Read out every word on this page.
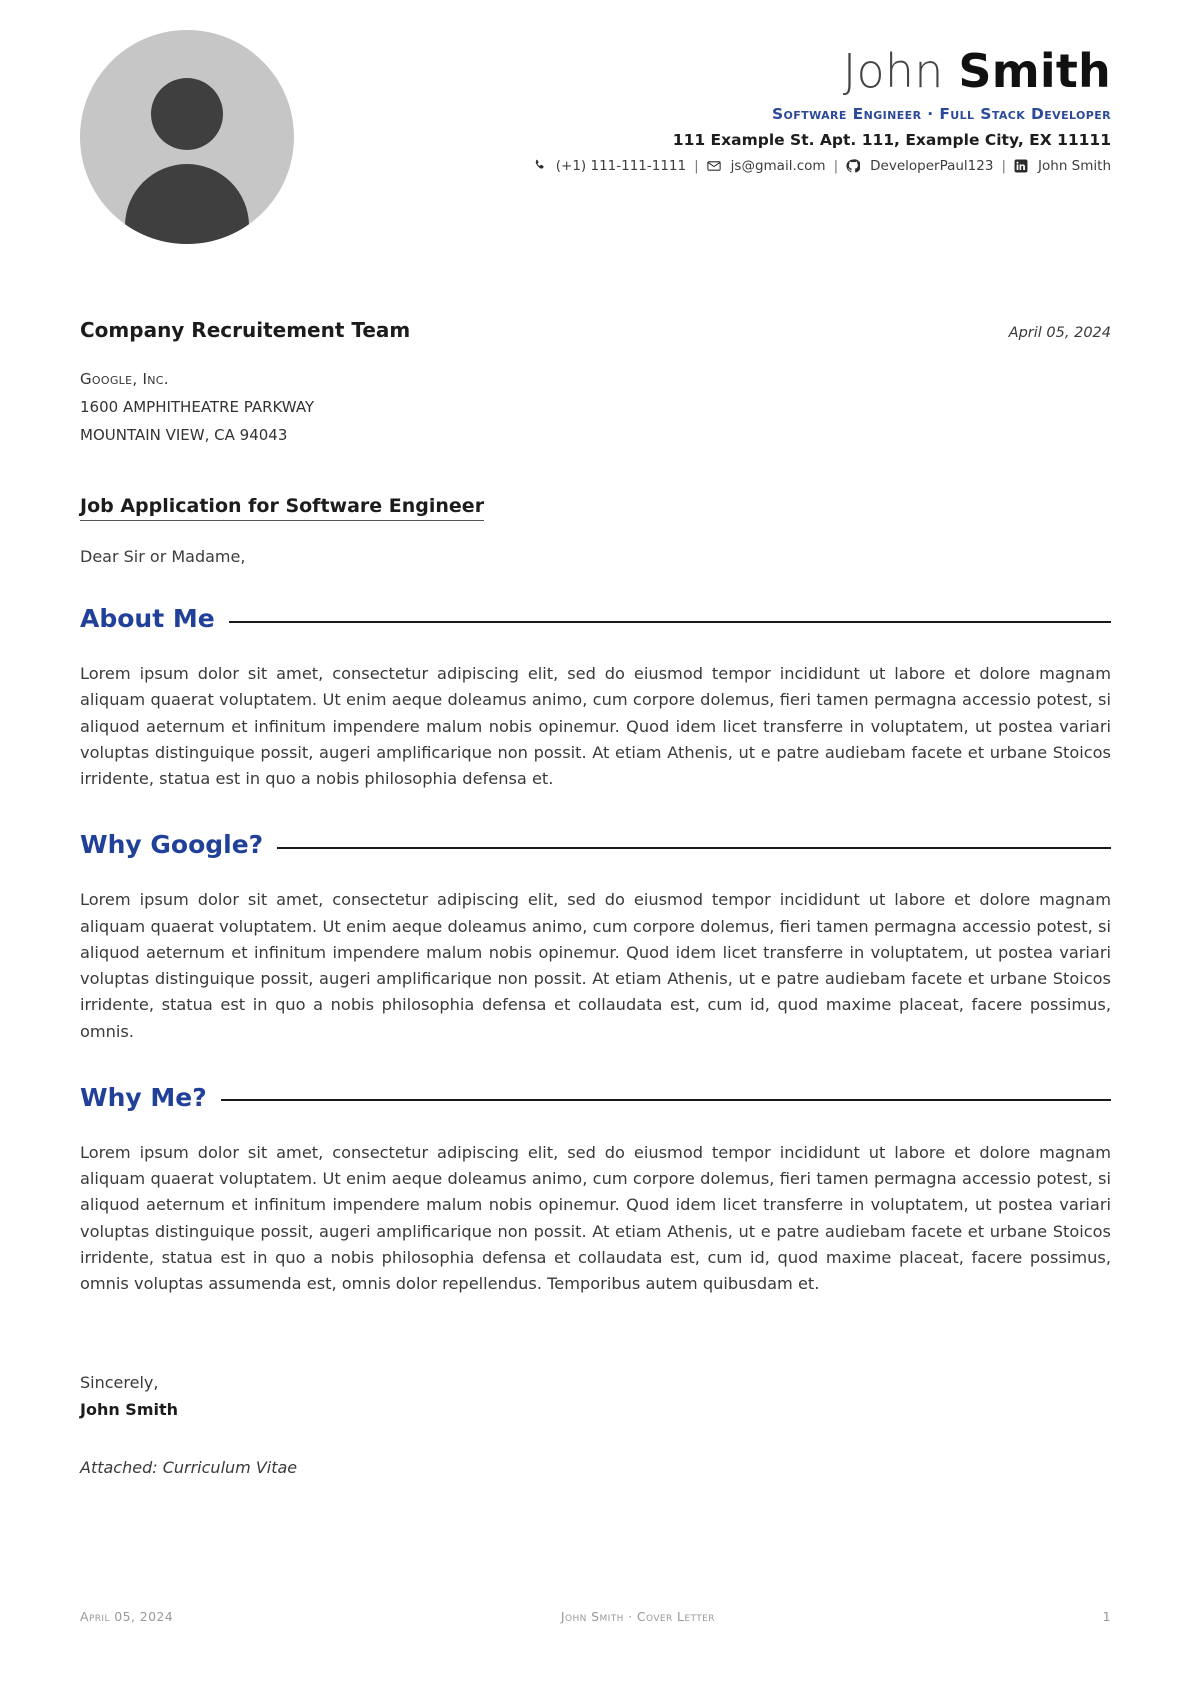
John Smith
Software Engineer · Full Stack Developer
111 Example St. Apt. 111, Example City, EX 11111
(+1) 111-111-1111 | js@gmail.com | DeveloperPaul123 | John Smith
Company Recruitement Team	April 05, 2024
Google, Inc.
1600 AMPHITHEATRE PARKWAY
MOUNTAIN VIEW, CA 94043
Job Application for Software Engineer
Dear Sir or Madame,
About Me
Lorem ipsum dolor sit amet, consectetur adipiscing elit, sed do eiusmod tempor incididunt ut labore et dolore magnam aliquam quaerat voluptatem. Ut enim aeque doleamus animo, cum corpore dolemus, fieri tamen permagna accessio potest, si aliquod aeternum et infinitum impendere malum nobis opinemur. Quod idem licet transferre in voluptatem, ut postea variari voluptas distinguique possit, augeri amplificarique non possit. At etiam Athenis, ut e patre audiebam facete et urbane Stoicos irridente, statua est in quo a nobis philosophia defensa et.
Why Google?
Lorem ipsum dolor sit amet, consectetur adipiscing elit, sed do eiusmod tempor incididunt ut labore et dolore magnam aliquam quaerat voluptatem. Ut enim aeque doleamus animo, cum corpore dolemus, fieri tamen permagna accessio potest, si aliquod aeternum et infinitum impendere malum nobis opinemur. Quod idem licet transferre in voluptatem, ut postea variari voluptas distinguique possit, augeri amplificarique non possit. At etiam Athenis, ut e patre audiebam facete et urbane Stoicos irridente, statua est in quo a nobis philosophia defensa et collaudata est, cum id, quod maxime placeat, facere possimus, omnis.
Why Me?
Lorem ipsum dolor sit amet, consectetur adipiscing elit, sed do eiusmod tempor incididunt ut labore et dolore magnam aliquam quaerat voluptatem. Ut enim aeque doleamus animo, cum corpore dolemus, fieri tamen permagna accessio potest, si aliquod aeternum et infinitum impendere malum nobis opinemur. Quod idem licet transferre in voluptatem, ut postea variari voluptas distinguique possit, augeri amplificarique non possit. At etiam Athenis, ut e patre audiebam facete et urbane Stoicos irridente, statua est in quo a nobis philosophia defensa et collaudata est, cum id, quod maxime placeat, facere possimus, omnis voluptas assumenda est, omnis dolor repellendus. Temporibus autem quibusdam et.
Sincerely,
John Smith
Attached: Curriculum Vitae
April 05, 2024	John Smith · Cover Letter	1
